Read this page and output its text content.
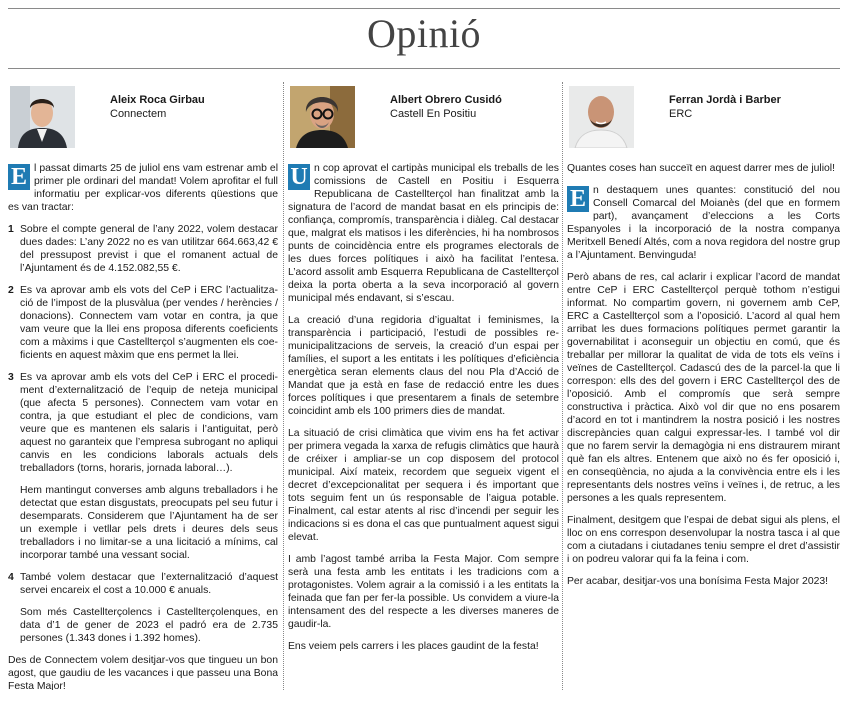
Opinió
Aleix Roca Girbau
Connectem

E l passat dimarts 25 de juliol ens vam estrenar amb el primer ple ordinari del mandat! Volem aprofitar el full informatiu per explicar-vos diferents qüestions que es van tractar:

1 Sobre el compte general de l’any 2022, volem destacar dues dades: L’any 2022 no es van utilitzar 664.663,42 € del pressupost previst i que el romanent actual de l’Ajuntament és de 4.152.082,55 €.
2 Es va aprovar amb els vots del CeP i ERC l’actualització de l’impost de la plusvàlua (per vendes / herències / donacions). Connectem vam votar en contra, ja que vam veure que la llei ens proposa diferents coeficients com a màxims i que Castellterçol s’augmenten els coeficients en aquest màxim que ens permet la llei.
3 Es va aprovar amb els vots del CeP i ERC el procediment d’externalització de l’equip de neteja municipal (que afecta 5 persones). Connectem vam votar en contra, ja que estudiant el plec de condicions, vam veure que es mantenen els salaris i l’antiguitat, però aquest no garanteix que l’empresa subrogant no apliqui canvis en les condicions laborals actuals dels treballadors (torns, horaris, jornada laboral…).

Hem mantingut converses amb alguns treballadors i he detectat que estan disgustats, preocupats pel seu futur i desemparats. Considerem que l’Ajuntament ha de ser un exemple i vetllar pels drets i deures dels seus treballadors i no limitar-se a una licitació a mínims, cal incorporar també una vessant social.

4 També volem destacar que l’externalització d’aquest servei encareix el cost a 10.000 € anuals.

Som més Castellterçolencs i Castellterçolenques, en data d’1 de gener de 2023 el padró era de 2.735 persones (1.343 dones i 1.392 homes).

Des de Connectem volem desitjar-vos que tingueu un bon agost, que gaudiu de les vacances i que passeu una Bona Festa Major!

Albert Obrero Cusidó
Castell En Positiu

U n cop aprovat el cartipàs municipal els treballs de les comissions de Castell en Positiu i Esquerra Republicana de Castellterçol han finalitzat amb la signatura de l’acord de mandat basat en els principis de: confiança, compromís, transparència i diàleg. Cal destacar que, malgrat els matisos i les diferències, hi ha nombrosos punts de coincidència entre els programes electorals de les dues forces polítiques i això ha facilitat l’entesa. L’acord assolit amb Esquerra Republicana de Castellterçol deixa la porta oberta a la seva incorporació al govern municipal més endavant, si s’escau.

La creació d’una regidoria d’igualtat i feminismes, la transparència i participació, l’estudi de possibles re-municipalitzacions de serveis, la creació d’un espai per famílies, el suport a les entitats i les polítiques d’eficiència energètica seran elements claus del nou Pla d’Acció de Mandat que ja està en fase de redacció entre les dues forces polítiques i que presentarem a finals de setembre coincidint amb els 100 primers dies de mandat.

La situació de crisi climàtica que vivim ens ha fet activar per primera vegada la xarxa de refugis climàtics que haurà de créixer i ampliar-se un cop disposem del protocol municipal. Així mateix, recordem que segueix vigent el decret d’excepcionalitat per sequera i és important que tots seguim fent un ús responsable de l’aigua potable. Finalment, cal estar atents al risc d’incendi per seguir les indicacions si es dona el cas que puntualment aquest sigui elevat.

I amb l’agost també arriba la Festa Major. Com sempre serà una festa amb les entitats i les tradicions com a protagonistes. Volem agrair a la comissió i a les entitats la feinada que fan per fer-la possible. Us convidem a viure-la intensament des del respecte a les diverses maneres de gaudir-la.

Ens veiem pels carrers i les places gaudint de la festa!

Ferran Jordà i Barber
ERC

Quantes coses han succeït en aquest darrer mes de juliol!

E n destaquem unes quantes: constitució del nou Consell Comarcal del Moianès (del que en formem part), avançament d’eleccions a les Corts Espanyoles i la incorporació de la nostra companya Meritxell Benedí Altés, com a nova regidora del nostre grup a l’Ajuntament. Benvinguda!

Però abans de res, cal aclarir i explicar l’acord de mandat entre CeP i ERC Castellterçol perquè tothom n’estigui informat. No compartim govern, ni governem amb CeP, ERC a Castellterçol som a l’oposició. L’acord al qual hem arribat les dues formacions polítiques permet garantir la governabilitat i aconseguir un objectiu en comú, que és treballar per millorar la qualitat de vida de tots els veïns i veïnes de Castellterçol. Cadascú des de la parcel·la que li correspon: ells des del govern i ERC Castellterçol des de l’oposició. Amb el compromís que serà sempre constructiva i pràctica. Això vol dir que no ens posarem d’acord en tot i mantindrem la nostra posició i les nostres discrepàncies quan calgui expressar-les. I també vol dir que no farem servir la demagògia ni ens distraurem mirant què fan els altres. Entenem que això no és fer oposició i, en conseqüència, no ajuda a la convivència entre els i les representants dels nostres veïns i veïnes i, de retruc, a les persones a les quals representem.

Finalment, desitgem que l’espai de debat sigui als plens, el lloc on ens correspon desenvolupar la nostra tasca i al que com a ciutadans i ciutadanes teniu sempre el dret d’assistir i on podreu valorar qui fa la feina i com.

Per acabar, desitjar-vos una bonísima Festa Major 2023!
